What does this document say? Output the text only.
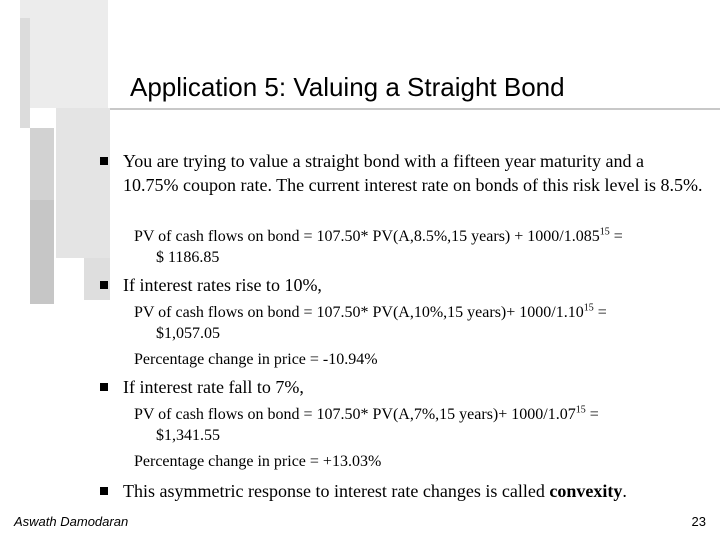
Application 5: Valuing a Straight Bond
You are trying to value a straight bond with a fifteen year maturity and a 10.75% coupon rate. The current interest rate on bonds of this risk level is 8.5%.
PV of cash flows on bond = 107.50* PV(A,8.5%,15 years) + $1000/1.085^{15}$ =
$ 1186.85
If interest rates rise to 10%,
PV of cash flows on bond = 107.50* PV(A,10%,15 years)+ $1000/1.10^{15}$ =
$1,057.05
Percentage change in price = -10.94%
If interest rate fall to 7%,
PV of cash flows on bond = 107.50* PV(A,7%,15 years)+ $1000/1.07^{15}$ =
$1,341.55
Percentage change in price = +13.03%
This asymmetric response to interest rate changes is called convexity.
Aswath Damodaran	23
